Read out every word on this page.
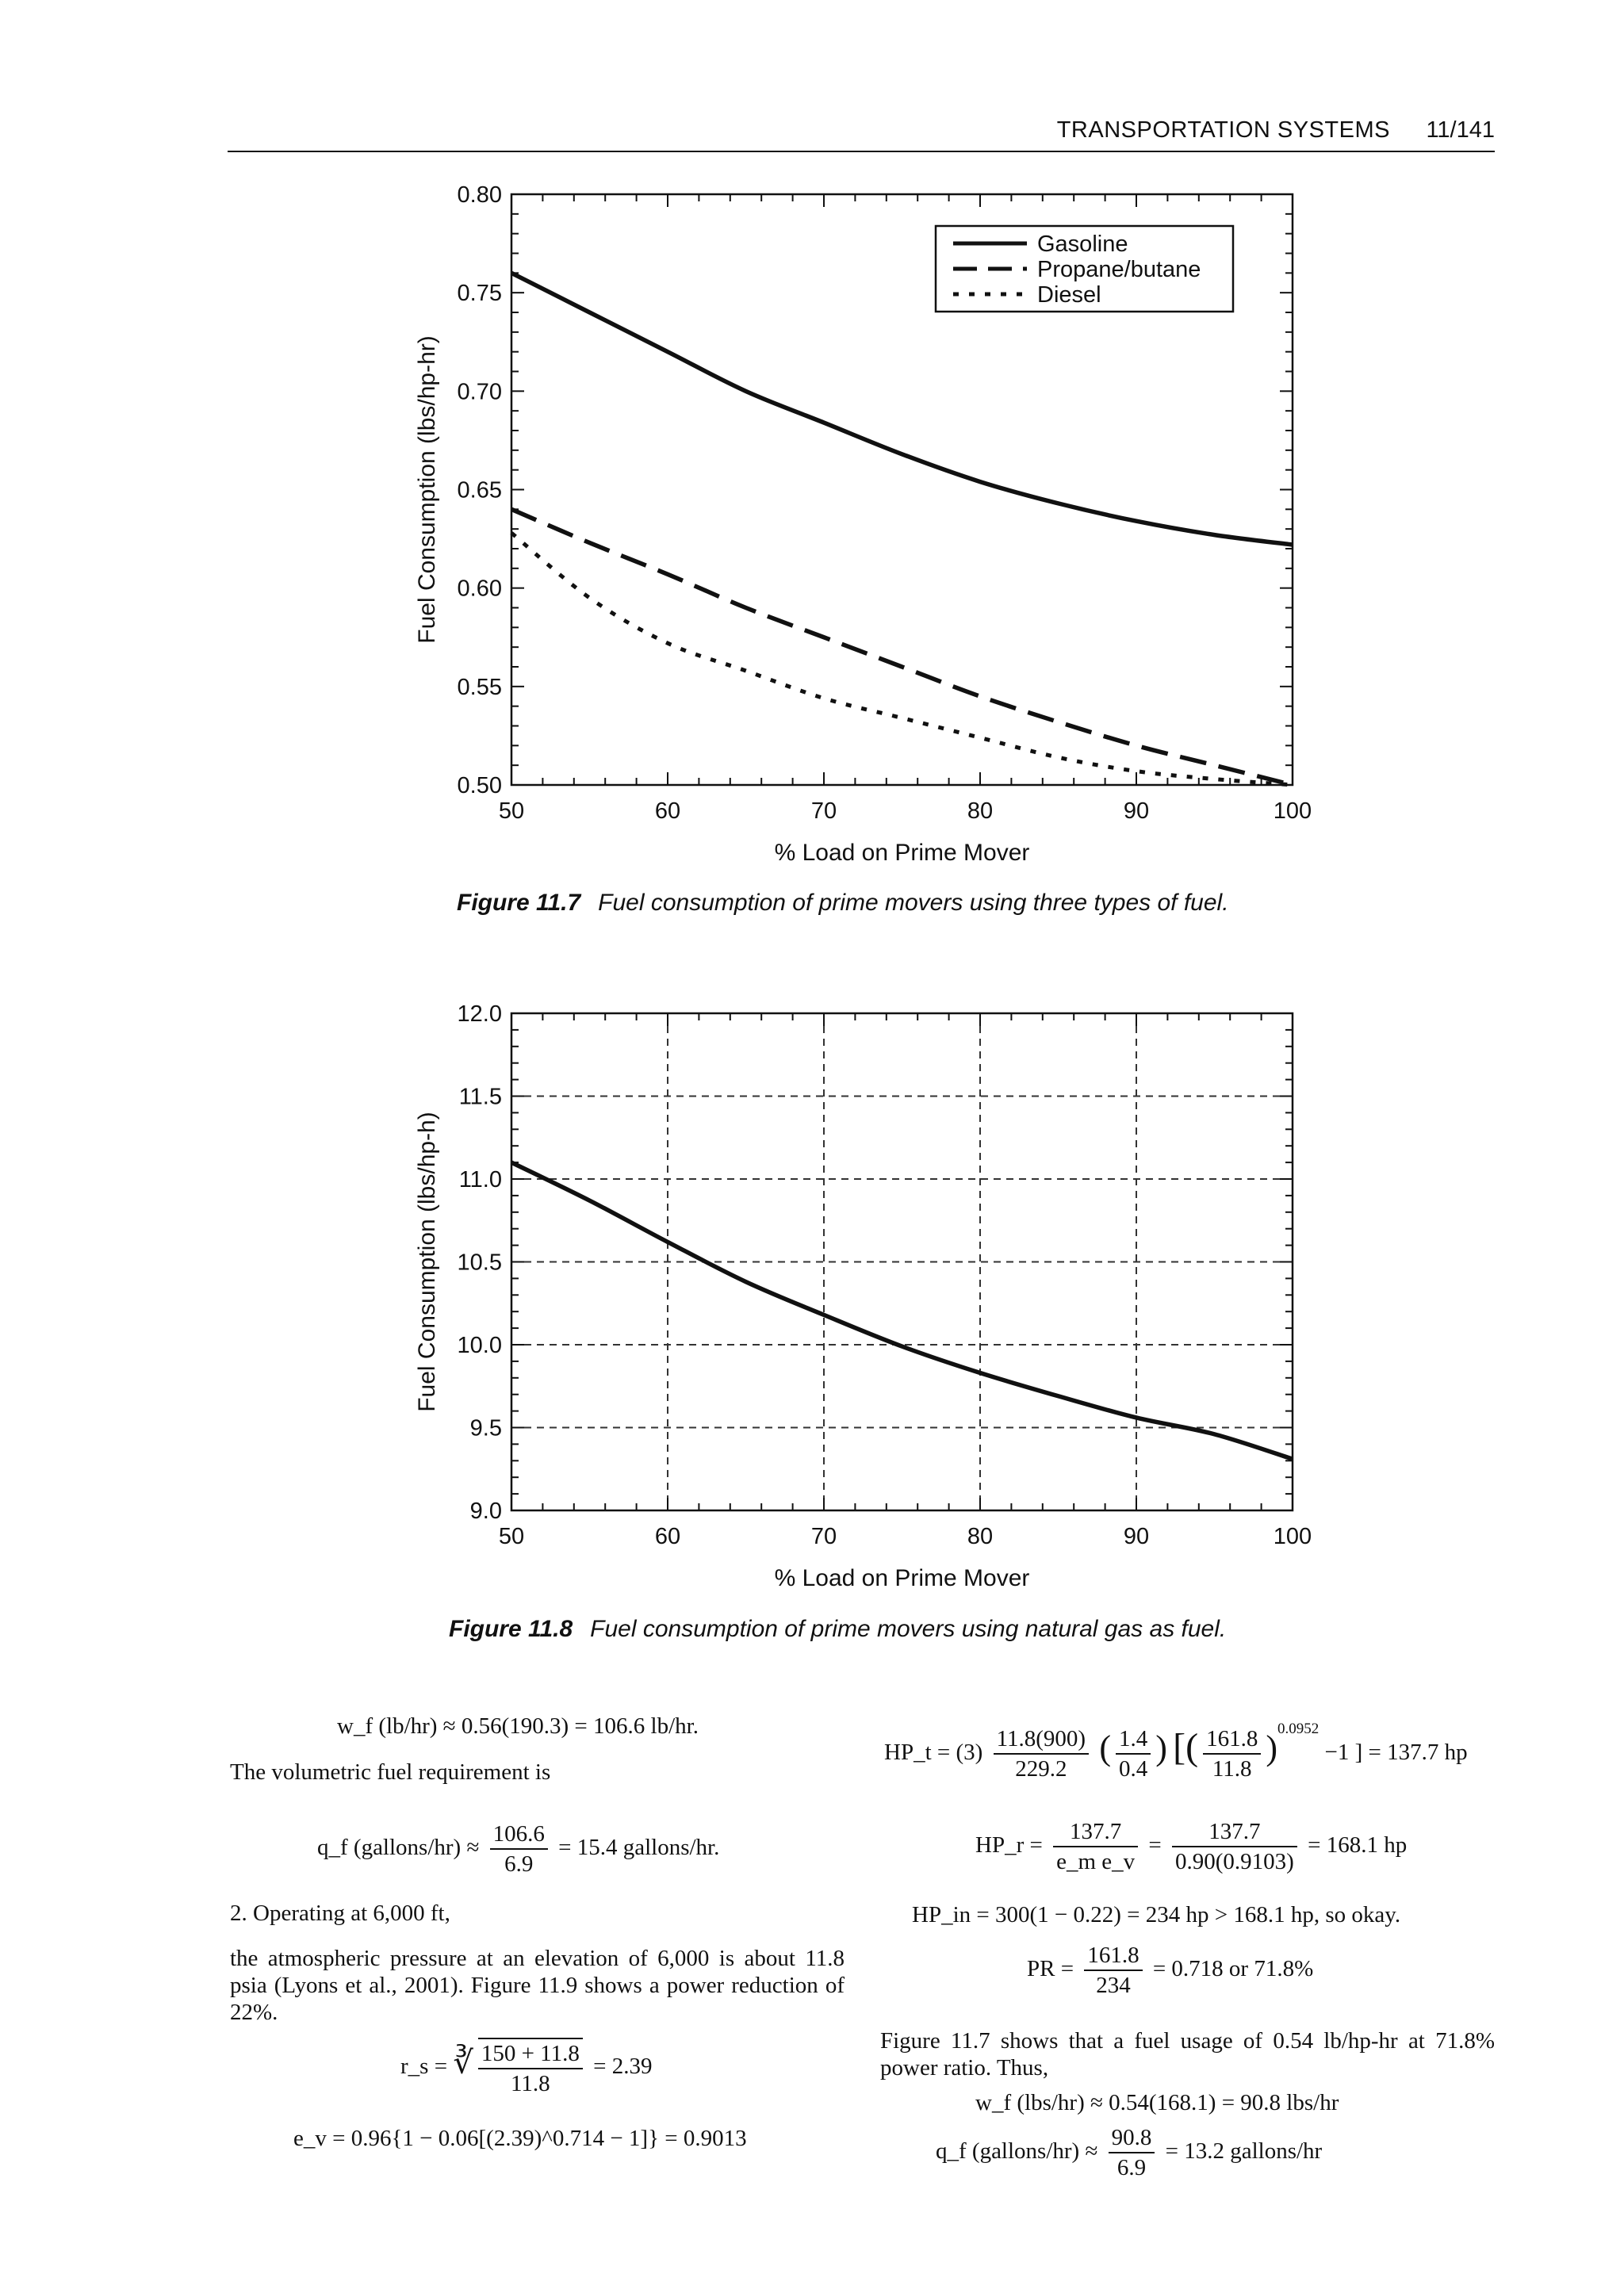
TRANSPORTATION SYSTEMS 11/141
50	60	70	80	90	100
0.50
0.55
0.60
0.65
0.70
0.75
0.80
% Load on Prime Mover
Fuel Consumption (lbs/hp-hr)
Gasoline
Propane/butane
Diesel
50	60	70	80	90	100
9.0
9.5
10.0
10.5
11.0
11.5
12.0
% Load on Prime Mover
Fuel Consumption (lbs/hp-h)
Figure 11.7 Fuel consumption of prime movers using three types of fuel.
Figure 11.8 Fuel consumption of prime movers using natural gas as fuel.
w_f (lb/hr) ≈ 0.56(190.3) = 106.6 lb/hr.
The volumetric fuel requirement is
q_f (gallons/hr) ≈ $\frac{106.6}{6.9} = 15.4$ gallons/hr.
2. Operating at 6,000 ft,
the atmospheric pressure at an elevation of 6,000 is about 11.8 psia (Lyons et al., 2001). Figure 11.9 shows a power reduction of 22%.
r_s = ∛ $\frac{150 + 11.8}{11.8} = 2.39$
e_v = 0.96{1 − 0.06[(2.39)^0.714 − 1]} = 0.9013
HP_t = $(3) \frac{11.8(900)}{229.2}$ ( $\frac{1.4}{0.4}$ ) [( $\frac{161.8}{11.8} )^{0.0952} -1$ ] = 137.7 hp
HP_r = $\frac{137.7}{\text{e\_m e\_v}} = \frac{137.7}{0.90(0.9103)} = 168.1$ hp
HP_in = 300(1 − 0.22) = 234 hp > 168.1 hp, so okay.
PR = $\frac{161.8}{234} = 0.718$ or 71.8%
Figure 11.7 shows that a fuel usage of 0.54 lb/hp-hr at 71.8% power ratio. Thus,
w_f (lbs/hr) ≈ 0.54(168.1) = 90.8 lbs/hr
q_f (gallons/hr) ≈ $\frac{90.8}{6.9} = 13.2$ gallons/hr
